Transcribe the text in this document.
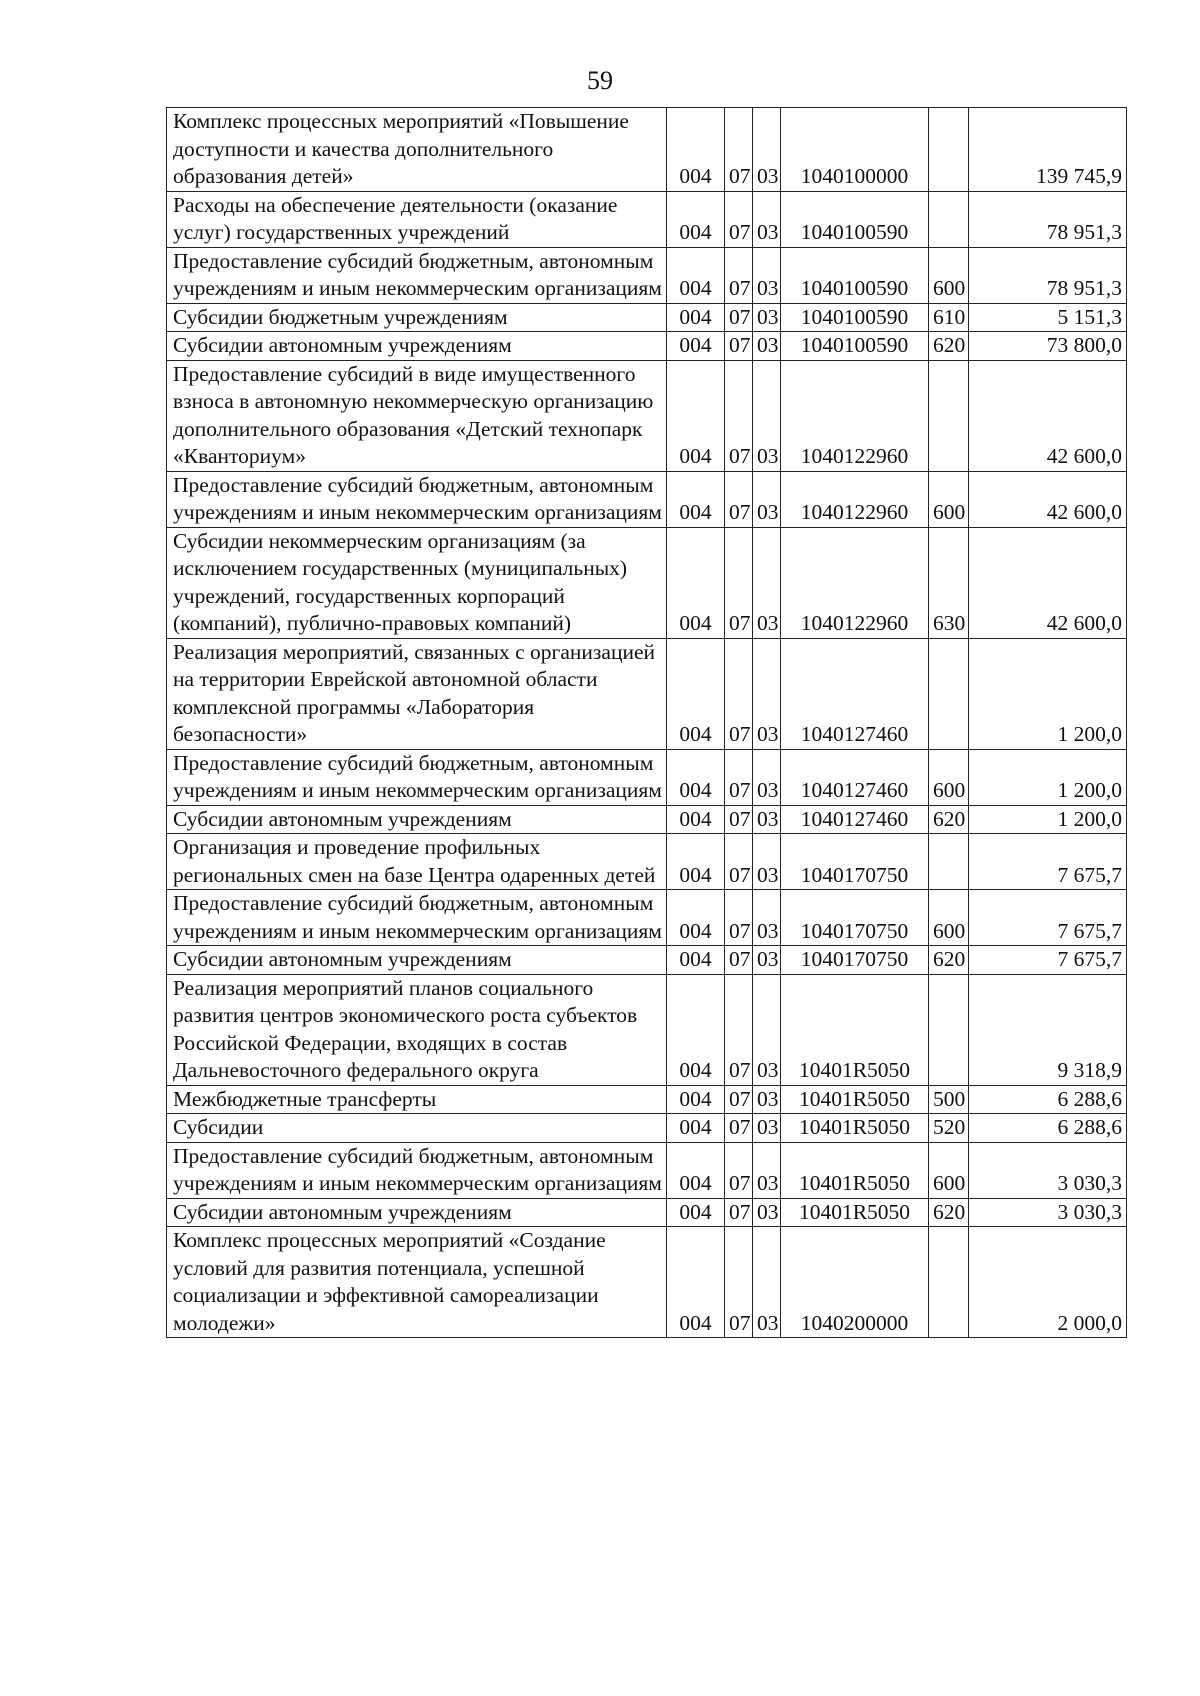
59
Комплекс процессных мероприятий «Повышение доступности и качества дополнительного образования детей»	004	07	03	1040100000		139 745,9
Расходы на обеспечение деятельности (оказание услуг) государственных учреждений	004	07	03	1040100590		78 951,3
Предоставление субсидий бюджетным, автономным учреждениям и иным некоммерческим организациям	004	07	03	1040100590	600	78 951,3
Субсидии бюджетным учреждениям	004	07	03	1040100590	610	5 151,3
Субсидии автономным учреждениям	004	07	03	1040100590	620	73 800,0
Предоставление субсидий в виде имущественного взноса в автономную некоммерческую организацию дополнительного образования «Детский технопарк «Кванториум»	004	07	03	1040122960		42 600,0
Предоставление субсидий бюджетным, автономным учреждениям и иным некоммерческим организациям	004	07	03	1040122960	600	42 600,0
Субсидии некоммерческим организациям (за исключением государственных (муниципальных) учреждений, государственных корпораций (компаний), публично-правовых компаний)	004	07	03	1040122960	630	42 600,0
Реализация мероприятий, связанных с организацией на территории Еврейской автономной области комплексной программы «Лаборатория безопасности»	004	07	03	1040127460		1 200,0
Предоставление субсидий бюджетным, автономным учреждениям и иным некоммерческим организациям	004	07	03	1040127460	600	1 200,0
Субсидии автономным учреждениям	004	07	03	1040127460	620	1 200,0
Организация и проведение профильных региональных смен на базе Центра одаренных детей	004	07	03	1040170750		7 675,7
Предоставление субсидий бюджетным, автономным учреждениям и иным некоммерческим организациям	004	07	03	1040170750	600	7 675,7
Субсидии автономным учреждениям	004	07	03	1040170750	620	7 675,7
Реализация мероприятий планов социального развития центров экономического роста субъектов Российской Федерации, входящих в состав Дальневосточного федерального округа	004	07	03	10401R5050		9 318,9
Межбюджетные трансферты	004	07	03	10401R5050	500	6 288,6
Субсидии	004	07	03	10401R5050	520	6 288,6
Предоставление субсидий бюджетным, автономным учреждениям и иным некоммерческим организациям	004	07	03	10401R5050	600	3 030,3
Субсидии автономным учреждениям	004	07	03	10401R5050	620	3 030,3
Комплекс процессных мероприятий «Создание условий для развития потенциала, успешной социализации и эффективной самореализации молодежи»	004	07	03	1040200000		2 000,0
